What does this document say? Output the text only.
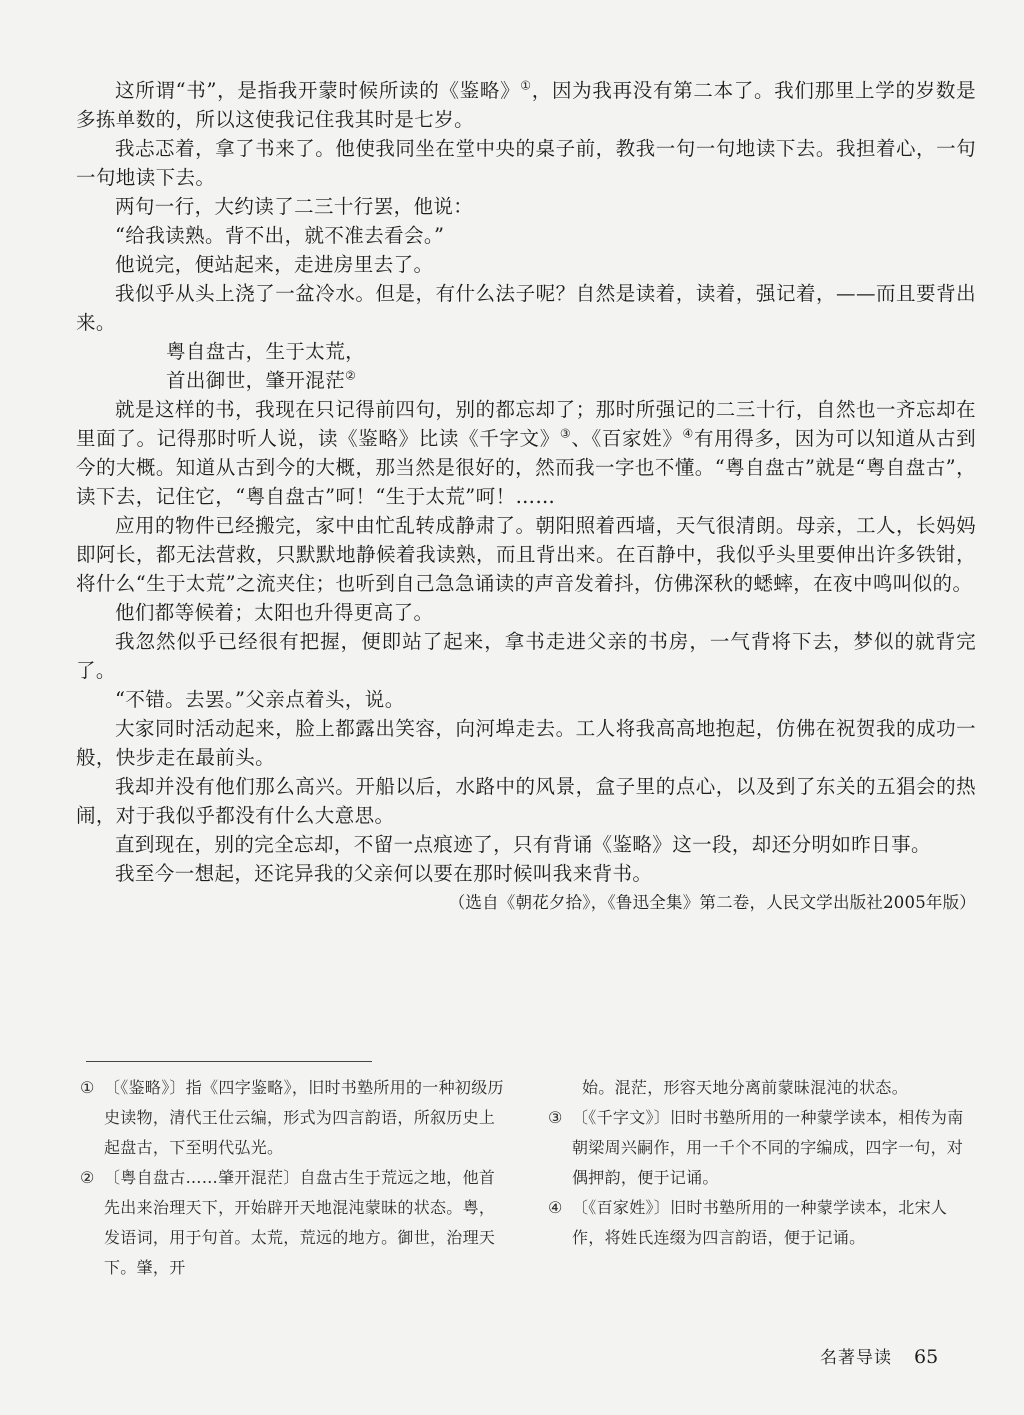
这所谓“书”，是指我开蒙时候所读的《鉴略》①，因为我再没有第二本了。我们那里上学的岁数是多拣单数的，所以这使我记住我其时是七岁。

我忐忑着，拿了书来了。他使我同坐在堂中央的桌子前，教我一句一句地读下去。我担着心，一句一句地读下去。

两句一行，大约读了二三十行罢，他说：

“给我读熟。背不出，就不准去看会。”

他说完，便站起来，走进房里去了。

我似乎从头上浇了一盆冷水。但是，有什么法子呢？自然是读着，读着，强记着，——而且要背出来。

粤自盘古，生于太荒，

首出御世，肇开混茫②

就是这样的书，我现在只记得前四句，别的都忘却了；那时所强记的二三十行，自然也一齐忘却在里面了。记得那时听人说，读《鉴略》比读《千字文》③、《百家姓》④有用得多，因为可以知道从古到今的大概。知道从古到今的大概，那当然是很好的，然而我一字也不懂。“粤自盘古”就是“粤自盘古”，读下去，记住它，“粤自盘古”呵！“生于太荒”呵！……

应用的物件已经搬完，家中由忙乱转成静肃了。朝阳照着西墙，天气很清朗。母亲，工人，长妈妈即阿长，都无法营救，只默默地静候着我读熟，而且背出来。在百静中，我似乎头里要伸出许多铁钳，将什么“生于太荒”之流夹住；也听到自己急急诵读的声音发着抖，仿佛深秋的蟋蟀，在夜中鸣叫似的。

他们都等候着；太阳也升得更高了。

我忽然似乎已经很有把握，便即站了起来，拿书走进父亲的书房，一气背将下去，梦似的就背完了。

“不错。去罢。”父亲点着头，说。

大家同时活动起来，脸上都露出笑容，向河埠走去。工人将我高高地抱起，仿佛在祝贺我的成功一般，快步走在最前头。

我却并没有他们那么高兴。开船以后，水路中的风景，盒子里的点心，以及到了东关的五猖会的热闹，对于我似乎都没有什么大意思。

直到现在，别的完全忘却，不留一点痕迹了，只有背诵《鉴略》这一段，却还分明如昨日事。

我至今一想起，还诧异我的父亲何以要在那时候叫我来背书。

（选自《朝花夕拾》，《鲁迅全集》第二卷，人民文学出版社2005年版）

① 〔《鉴略》〕指《四字鉴略》，旧时书塾所用的一种初级历史读物，清代王仕云编，形式为四言韵语，所叙历史上起盘古，下至明代弘光。

② 〔粤自盘古……肇开混茫〕自盘古生于荒远之地，他首先出来治理天下，开始辟开天地混沌蒙昧的状态。粤，发语词，用于句首。太荒，荒远的地方。御世，治理天下。肇，开

始。混茫，形容天地分离前蒙昧混沌的状态。

③ 〔《千字文》〕旧时书塾所用的一种蒙学读本，相传为南朝梁周兴嗣作，用一千个不同的字编成，四字一句，对偶押韵，便于记诵。

④ 〔《百家姓》〕旧时书塾所用的一种蒙学读本，北宋人作，将姓氏连缀为四言韵语，便于记诵。

名著导读 65
